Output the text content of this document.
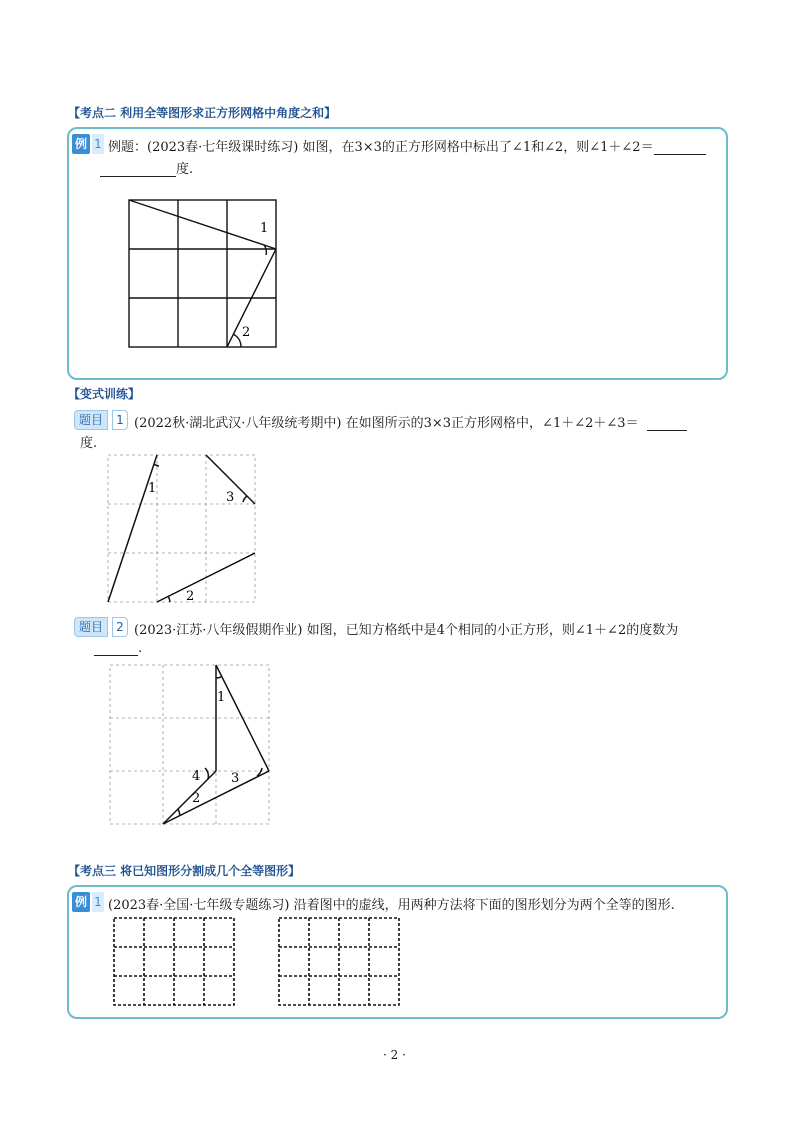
【考点二 利用全等图形求正方形网格中角度之和】
例 1 例题：(2023春·七年级课时练习) 如图，在3×3的正方形网格中标出了∠1和∠2，则∠1＋∠2＝
度.
1
2
【变式训练】
题目	1 (2022秋·湖北武汉·八年级统考期中) 在如图所示的3×3正方形网格中，∠1＋∠2＋∠3＝
度.
1
3
2
题目	2 (2023·江苏·八年级假期作业) 如图，已知方格纸中是4个相同的小正方形，则∠1＋∠2的度数为
.
1
4 3
2
【考点三 将已知图形分割成几个全等图形】
例 1 (2023春·全国·七年级专题练习) 沿着图中的虚线，用两种方法将下面的图形划分为两个全等的图形.
· 2 ·
